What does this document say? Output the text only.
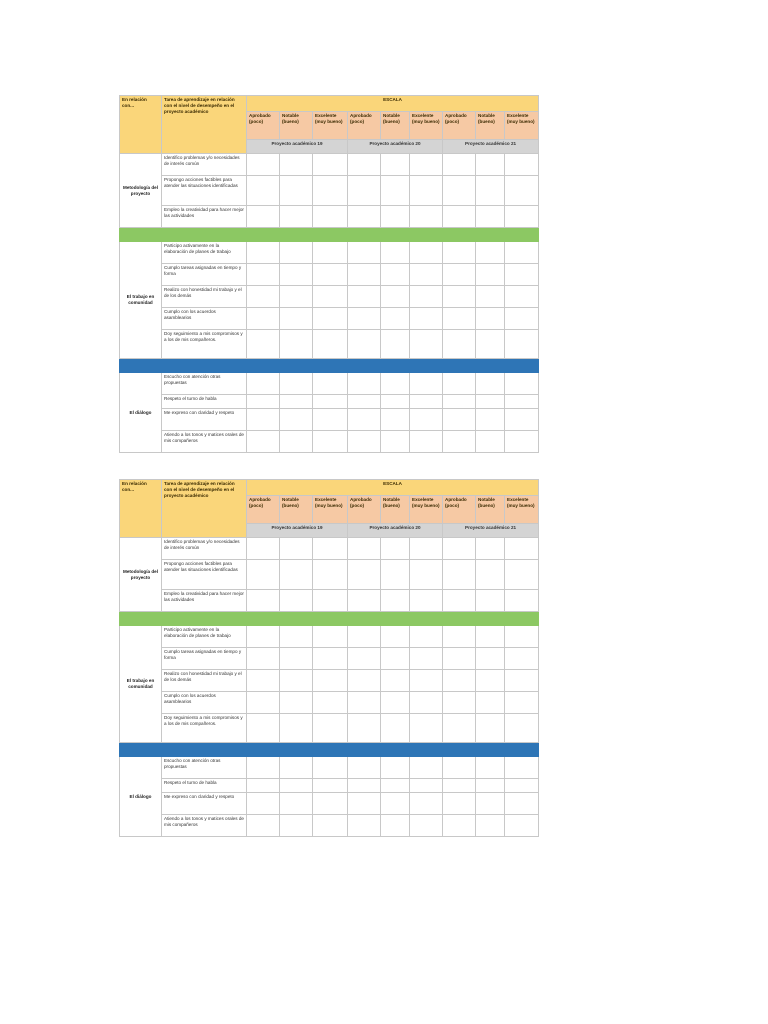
En relación con...	Tarea de aprendizaje en relación con el nivel de desempeño en el proyecto académico	ESCALA								
		Aprobado (poco)	Notable (bueno)	Excelente (muy bueno)	Aprobado (poco)	Notable (bueno)	Excelente (muy bueno)	Aprobado (poco)	Notable (bueno)	Excelente (muy bueno)
		Proyecto académico 19			Proyecto académico 20			Proyecto académico 21		
Metodología del proyecto	Identifico problemas y/o necesidades de interés común									
	Propongo acciones factibles para atender las situaciones identificadas									
	Empleo la creatividad para hacer mejor las actividades									

El trabajo en comunidad	Participo activamente en la elaboración de planes de trabajo									
	Cumplo tareas asignadas en tiempo y forma									
	Realizo con honestidad mi trabajo y el de los demás									
	Cumplo con los acuerdos asamblearios									
	Doy seguimiento a mis compromisos y a los de mis compañeros.									

El diálogo	Escucho con atención otras propuestas									
	Respeto el turno de habla									
	Me expreso con claridad y respeto									
	Atiendo a los tonos y matices orales de mis compañeros									
En relación con...	Tarea de aprendizaje en relación con el nivel de desempeño en el proyecto académico	ESCALA								
		Aprobado (poco)	Notable (bueno)	Excelente (muy bueno)	Aprobado (poco)	Notable (bueno)	Excelente (muy bueno)	Aprobado (poco)	Notable (bueno)	Excelente (muy bueno)
		Proyecto académico 19			Proyecto académico 20			Proyecto académico 21		
Metodología del proyecto	Identifico problemas y/o necesidades de interés común									
	Propongo acciones factibles para atender las situaciones identificadas									
	Empleo la creatividad para hacer mejor las actividades									

El trabajo en comunidad	Participo activamente en la elaboración de planes de trabajo									
	Cumplo tareas asignadas en tiempo y forma									
	Realizo con honestidad mi trabajo y el de los demás									
	Cumplo con los acuerdos asamblearios									
	Doy seguimiento a mis compromisos y a los de mis compañeros.									

El diálogo	Escucho con atención otras propuestas									
	Respeto el turno de habla									
	Me expreso con claridad y respeto									
	Atiendo a los tonos y matices orales de mis compañeros									
